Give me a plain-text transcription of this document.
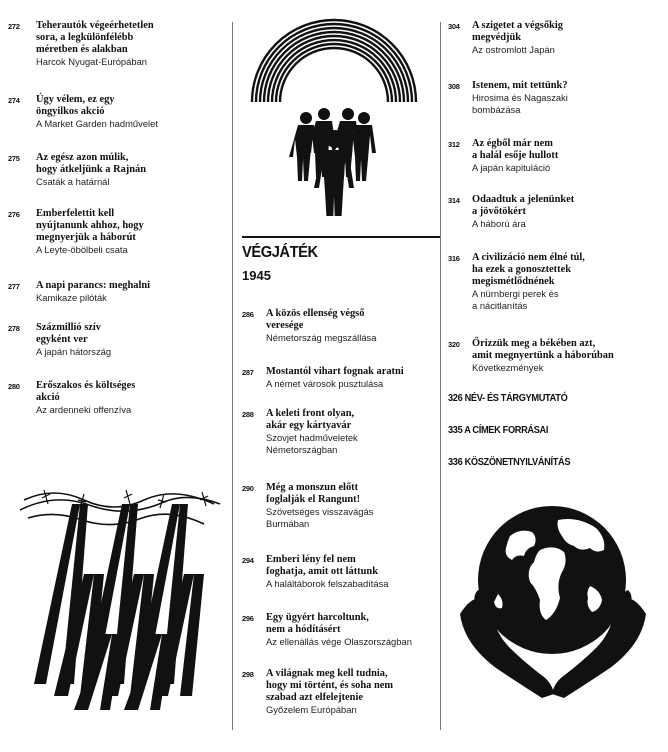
272 Teherautók végeérhetetlen
sora, a legkülönfélébb
méretben és alakban
Harcok Nyugat-Európában
274 Úgy vélem, ez egy
öngyilkos akció
A Market Garden hadművelet
275 Az egész azon múlik,
hogy átkeljünk a Rajnán
Csaták a határnál
276 Emberfelettit kell
nyújtanunk ahhoz, hogy
megnyerjük a háborút
A Leyte-öbölbeli csata
277 A napi parancs: meghalni
Kamikaze pilóták
278 Százmillió szív
egyként ver
A japán hátország
280 Erőszakos és költséges
akció
Az ardenneki offenzíva
VÉGJÁTÉK
1945
286 A közös ellenség végső
veresége
Németország megszállása
287 Mostantól vihart fognak aratni
A német városok pusztulása
288 A keleti front olyan,
akár egy kártyavár
Szovjet hadműveletek
Németországban
290 Még a monszun előtt
foglalják el Rangunt!
Szövetséges visszavágás
Burmában
294 Emberi lény fel nem
foghatja, amit ott láttunk
A haláltáborok felszabadítása
296 Egy ügyért harcoltunk,
nem a hódításért
Az ellenállás vége Olaszországban
298 A világnak meg kell tudnia,
hogy mi történt, és soha nem
szabad azt elfelejtenie
Győzelem Európában
326 NÉV- ÉS TÁRGYMUTATÓ
335 A CÍMEK FORRÁSAI
336 KÖSZÖNETNYILVÁNÍTÁS
304 A szigetet a végsőkig
megvédjük
Az ostromlott Japán
308 Istenem, mit tettünk?
Hirosima és Nagaszaki
bombázása
312 Az égből már nem
a halál esője hullott
A japán kapituláció
314 Odaadtuk a jelenünket
a jövőtökért
A háború ára
316 A civilizáció nem élné túl,
ha ezek a gonosztettek
megismétlődnének
A nürnbergi perek és
a nácitlanítás
320 Őrizzük meg a békében azt,
amit megnyertünk a háborúban
Következmények
